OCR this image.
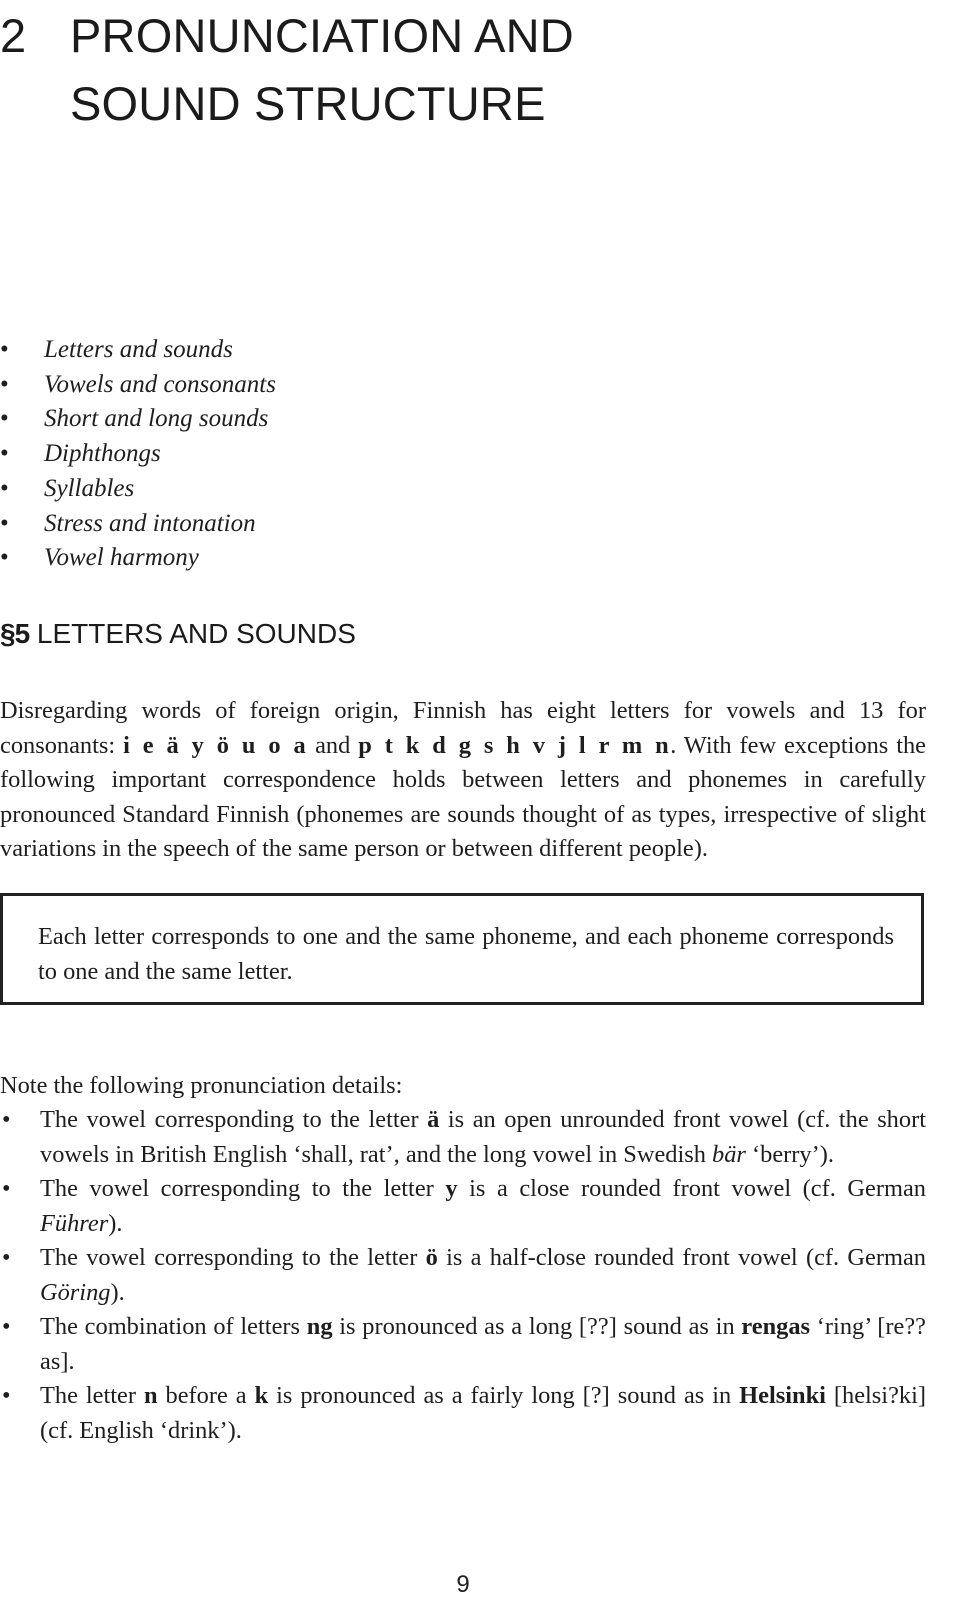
2 PRONUNCIATION AND
SOUND STRUCTURE
• Letters and sounds
• Vowels and consonants
• Short and long sounds
• Diphthongs
• Syllables
• Stress and intonation
• Vowel harmony
§5 LETTERS AND SOUNDS

Disregarding words of foreign origin, Finnish has eight letters for vowels and 13 for consonants: i e ä y ö u o a and p t k d g s h v j l r m n. With few exceptions the following important correspondence holds between letters and phonemes in carefully pronounced Standard Finnish (phonemes are sounds thought of as types, irrespective of slight variations in the speech of the same person or between different people).

Each letter corresponds to one and the same phoneme, and each phoneme corresponds to one and the same letter.

Note the following pronunciation details:

• The vowel corresponding to the letter ä is an open unrounded front vowel (cf. the short vowels in British English ‘shall, rat’, and the long vowel in Swedish bär ‘berry’).
• The vowel corresponding to the letter y is a close rounded front vowel (cf. German Führer).
• The vowel corresponding to the letter ö is a half-close rounded front vowel (cf. German Göring).
• The combination of letters ng is pronounced as a long [??] sound as in rengas ‘ring’ [re??as].
• The letter n before a k is pronounced as a fairly long [?] sound as in Helsinki [helsi?ki] (cf. English ‘drink’).
9
